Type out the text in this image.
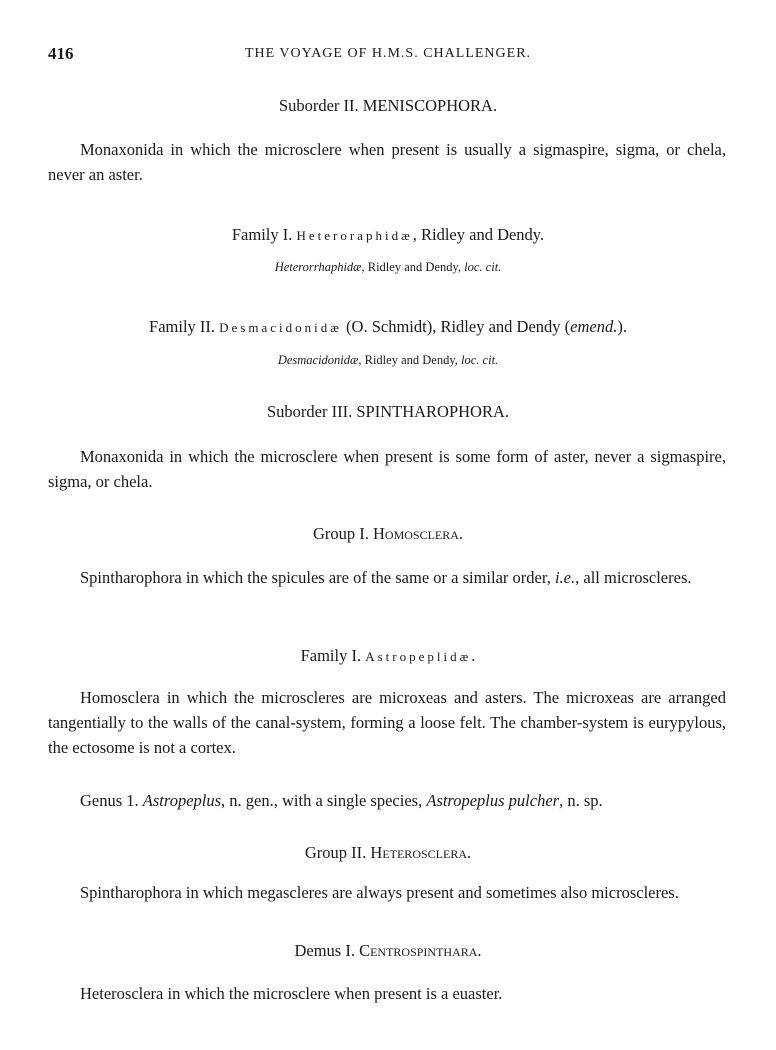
416	THE VOYAGE OF H.M.S. CHALLENGER.
Suborder II. MENISCOPHORA.
Monaxonida in which the microsclere when present is usually a sigmaspire, sigma, or chela, never an aster.
Family I. Heteroraphidæ, Ridley and Dendy.
Heterorrhaphidæ, Ridley and Dendy, loc. cit.
Family II. Desmacidonidæ (O. Schmidt), Ridley and Dendy (emend.).
Desmacidonidæ, Ridley and Dendy, loc. cit.
Suborder III. SPINTHAROPHORA.
Monaxonida in which the microsclere when present is some form of aster, never a sigmaspire, sigma, or chela.
Group I. Homosclera.
Spintharophora in which the spicules are of the same or a similar order, i.e., all microscleres.
Family I. Astropeplidæ.
Homosclera in which the microscleres are microxeas and asters. The microxeas are arranged tangentially to the walls of the canal-system, forming a loose felt. The chamber-system is eurypylous, the ectosome is not a cortex.
Genus 1. Astropeplus, n. gen., with a single species, Astropeplus pulcher, n. sp.
Group II. Heterosclera.
Spintharophora in which megascleres are always present and sometimes also microscleres.
Demus I. Centrospinthara.
Heterosclera in which the microsclere when present is a euaster.
